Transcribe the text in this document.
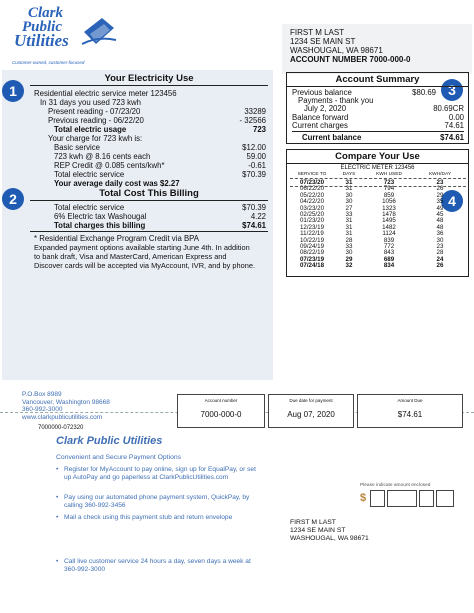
Clark
Public
Utilities
Customer-owned, customer-focused
FIRST M LAST
1234 SE MAIN ST
WASHOUGAL, WA 98671
ACCOUNT NUMBER 7000-000-0
1
2
3
4
Your Electricity Use
Residential electric service meter 123456
In 31 days you used 723 kwh
Present reading - 07/23/20	33289
Previous reading - 06/22/20	- 32566
Total electric usage	723
Your charge for 723 kwh is:
Basic service	$12.00
723 kwh @ 8.16 cents each	59.00
REP Credit @ 0.085 cents/kwh*	-0.61
Total electric service	$70.39
Your average daily cost was $2.27
Total Cost This Billing
Total electric service	$70.39
6% Electric tax Washougal	4.22
Total charges this billing	$74.61
* Residential Exchange Program Credit via BPA
Expanded payment options available starting June 4th. In addition
to bank draft, Visa and MasterCard, American Express and
Discover cards will be accepted via MyAccount, IVR, and by phone.
Account Summary
Previous balance	$80.69
Payments - thank you
July 2, 2020	80.69CR
Balance forward	0.00
Current charges	74.61
Current balance	$74.61
Compare Your Use
ELECTRIC METER 123456
SERVICE TO	DAYS	KWH USED	KWH/DAY
07/23/20	31	723	23
06/22/20	31	794	26
05/22/20	30	859	29
04/22/20	30	1056	35
03/23/20	27	1323	49
02/25/20	33	1478	45
01/23/20	31	1495	48
12/23/19	31	1482	48
11/22/19	31	1124	36
10/22/19	28	839	30
09/24/19	33	772	23
08/22/19	30	843	28
07/23/19	29	689	24
07/24/18	32	834	26
P.O.Box 8989
Vancouver, Washington 98668
360-992-3000
www.clarkpublicutilities.com
7000000-072320
Account number
7000-000-0
Due date for payment
Aug 07, 2020
Amount Due
$74.61
Clark Public Utilities
Convenient and Secure Payment Options
Please indicate amount enclosed
$
• Register for MyAccount to pay online, sign up for EqualPay, or set up AutoPay and go paperless at ClarkPublicUtilities.com
• Pay using our automated phone payment system, QuickPay, by calling 360-992-3456
• Mail a check using this payment stub and return envelope
• Call live customer service 24 hours a day, seven days a week at 360-992-3000
FIRST M LAST
1234 SE MAIN ST
WASHOUGAL, WA 98671
